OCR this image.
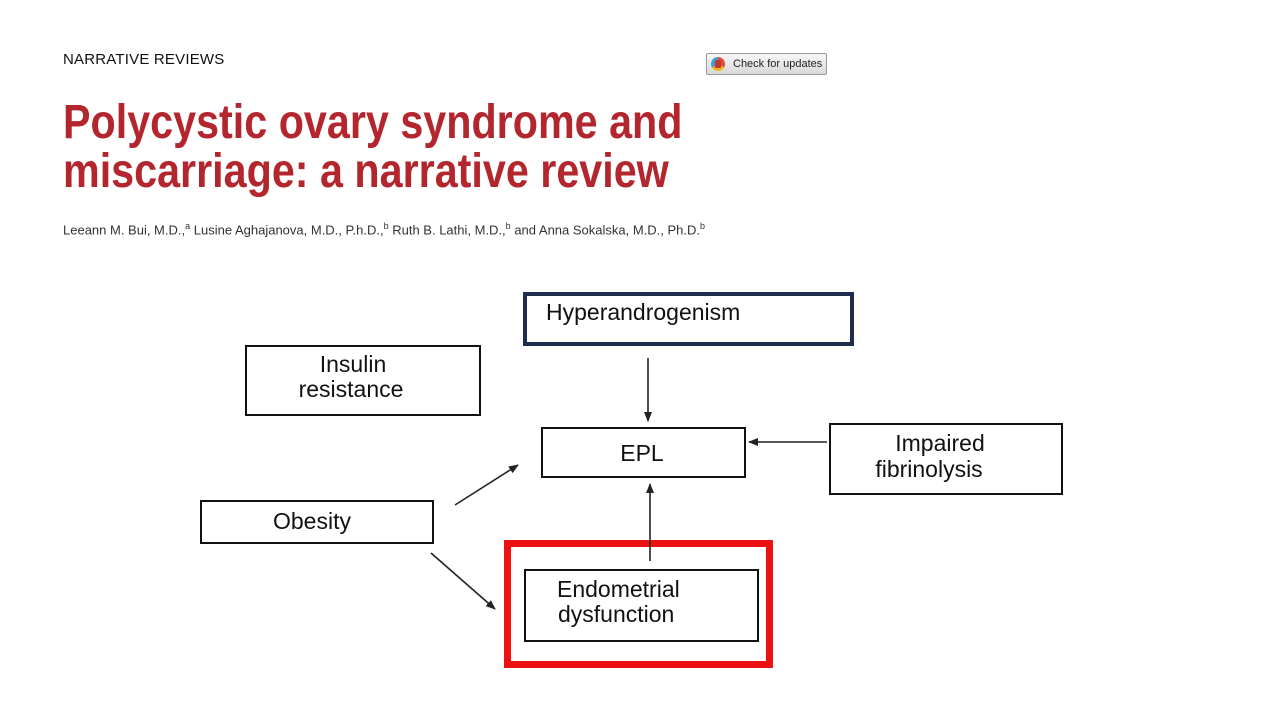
NARRATIVE REVIEWS	Check for updates
Polycystic ovary syndrome and
miscarriage: a narrative review
Leeann M. Bui, M.D.,$^a$ Lusine Aghajanova, M.D., P.h.D.,$^b$ Ruth B. Lathi, M.D.,$^b$ and Anna Sokalska, M.D., Ph.D.$^b$
Hyperandrogenism
Insulin
resistance
EPL	Impaired
fibrinolysis
Obesity
Endometrial
dysfunction
